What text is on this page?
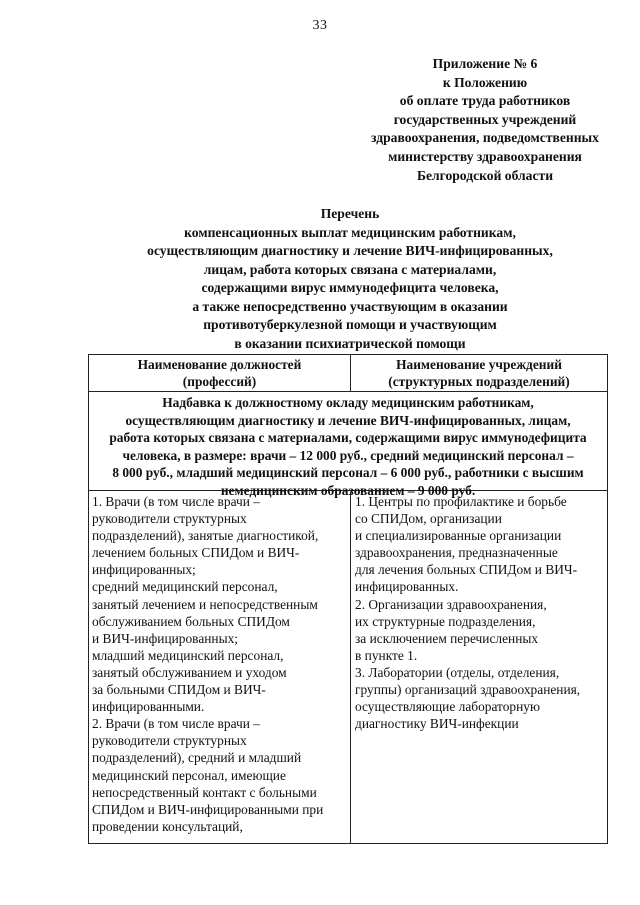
33
Приложение № 6
к Положению
об оплате труда работников
государственных учреждений
здравоохранения, подведомственных
министерству здравоохранения
Белгородской области
Перечень
компенсационных выплат медицинским работникам,
осуществляющим диагностику и лечение ВИЧ-инфицированных,
лицам, работа которых связана с материалами,
содержащими вирус иммунодефицита человека,
а также непосредственно участвующим в оказании
противотуберкулезной помощи и участвующим
в оказании психиатрической помощи
Наименование должностей
(профессий)
Наименование учреждений
(структурных подразделений)
Надбавка к должностному окладу медицинским работникам,
осуществляющим диагностику и лечение ВИЧ-инфицированных, лицам,
работа которых связана с материалами, содержащими вирус иммунодефицита
человека, в размере: врачи – 12 000 руб., средний медицинский персонал –
8 000 руб., младший медицинский персонал – 6 000 руб., работники с высшим
немедицинским образованием – 9 000 руб.
1. Врачи (в том числе врачи –
руководители структурных
подразделений), занятые диагностикой,
лечением больных СПИДом и ВИЧ-
инфицированных;
средний медицинский персонал,
занятый лечением и непосредственным
обслуживанием больных СПИДом
и ВИЧ-инфицированных;
младший медицинский персонал,
занятый обслуживанием и уходом
за больными СПИДом и ВИЧ-
инфицированными.
2. Врачи (в том числе врачи –
руководители структурных
подразделений), средний и младший
медицинский персонал, имеющие
непосредственный контакт с больными
СПИДом и ВИЧ-инфицированными при
проведении консультаций,
1. Центры по профилактике и борьбе
со СПИДом, организации
и специализированные организации
здравоохранения, предназначенные
для лечения больных СПИДом и ВИЧ-
инфицированных.
2. Организации здравоохранения,
их структурные подразделения,
за исключением перечисленных
в пункте 1.
3. Лаборатории (отделы, отделения,
группы) организаций здравоохранения,
осуществляющие лабораторную
диагностику ВИЧ-инфекции
